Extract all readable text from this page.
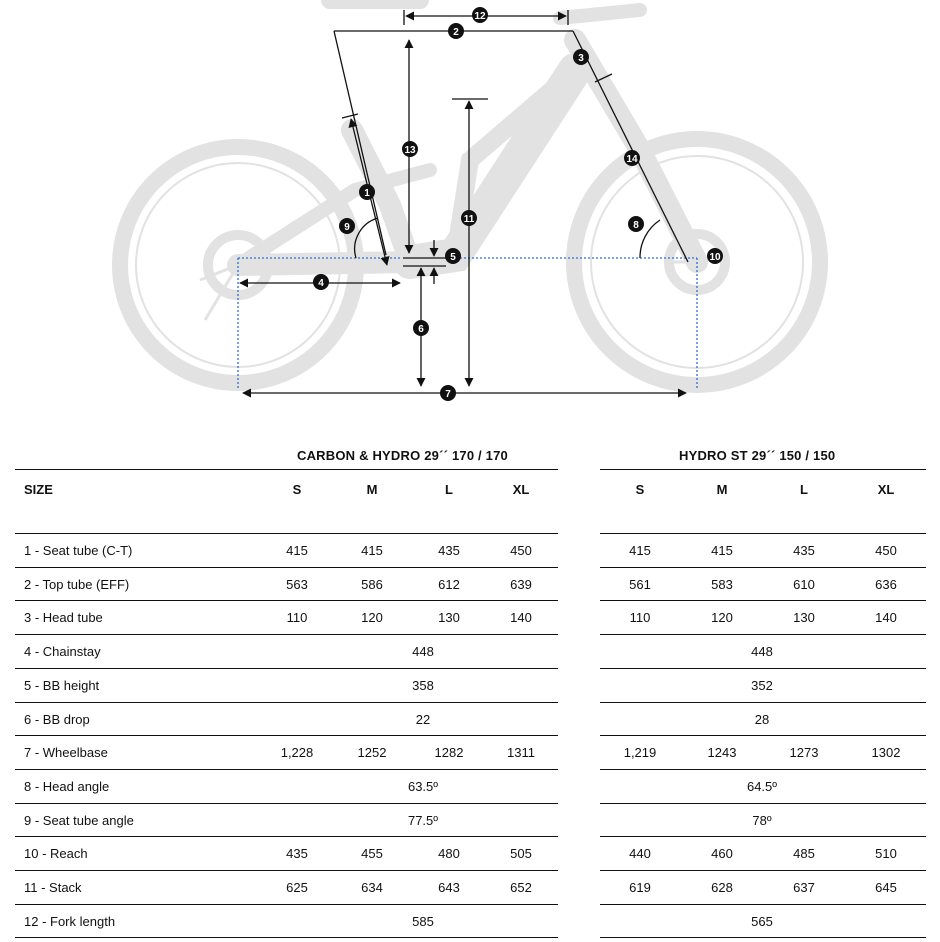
12
2
3
13
14
1
11
9	8
5	10
4
6
7
CARBON & HYDRO 29´´ 170 / 170
SIZE	S	M	L	XL
1 - Seat tube (C-T)	415	415	435	450
2 - Top tube (EFF)	563	586	612	639
3 - Head tube	110	120	130	140
4 - Chainstay	448
5 - BB height	358
6 - BB drop	22
7 - Wheelbase	1,228	1252	1282	1311
8 - Head angle	63.5º
9 - Seat tube angle	77.5º
10 - Reach	435	455	480	505
11 - Stack	625	634	643	652
12 - Fork length	585
HYDRO ST 29´´ 150 / 150
S	M	L	XL
415	415	435	450
561	583	610	636
110	120	130	140
448
352
28
1,219	1243	1273	1302
64.5º
78º
440	460	485	510
619	628	637	645
565
